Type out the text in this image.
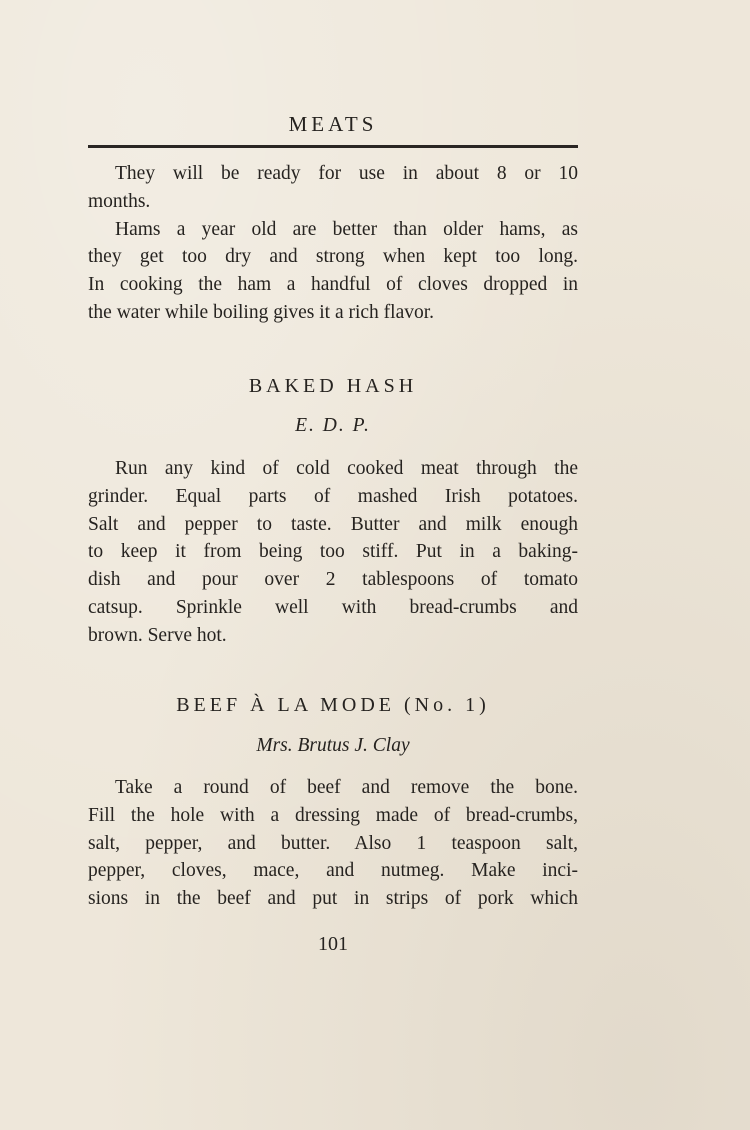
MEATS
They will be ready for use in about 8 or 10
months.
Hams a year old are better than older hams, as
they get too dry and strong when kept too long.
In cooking the ham a handful of cloves dropped in
the water while boiling gives it a rich flavor.
BAKED HASH
E. D. P.
Run any kind of cold cooked meat through the
grinder. Equal parts of mashed Irish potatoes.
Salt and pepper to taste. Butter and milk enough
to keep it from being too stiff. Put in a baking-
dish and pour over 2 tablespoons of tomato
catsup. Sprinkle well with bread-crumbs and
brown. Serve hot.
BEEF À LA MODE (No. 1)
Mrs. Brutus J. Clay
Take a round of beef and remove the bone.
Fill the hole with a dressing made of bread-crumbs,
salt, pepper, and butter. Also 1 teaspoon salt,
pepper, cloves, mace, and nutmeg. Make inci-
sions in the beef and put in strips of pork which
101
